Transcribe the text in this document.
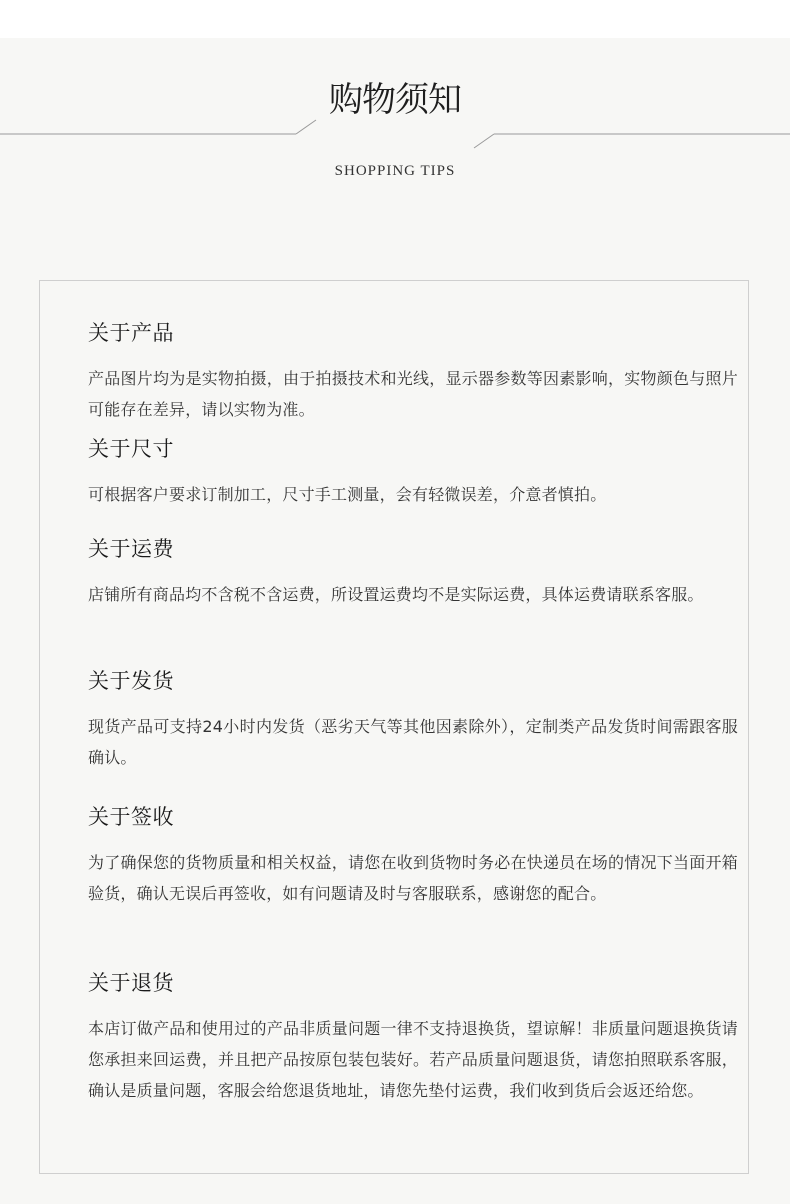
关于产品
产品图片均为是实物拍摄，由于拍摄技术和光线，显示器参数等因素影响，实物颜色与照片可能存在差异，请以实物为准。
关于尺寸
可根据客户要求订制加工，尺寸手工测量，会有轻微误差，介意者慎拍。
关于运费
店铺所有商品均不含税不含运费，所设置运费均不是实际运费，具体运费请联系客服。
关于发货
现货产品可支持24小时内发货（恶劣天气等其他因素除外），定制类产品发货时间需跟客服确认。
关于签收
为了确保您的货物质量和相关权益，请您在收到货物时务必在快递员在场的情况下当面开箱验货，确认无误后再签收，如有问题请及时与客服联系，感谢您的配合。
关于退货
本店订做产品和使用过的产品非质量问题一律不支持退换货，望谅解！非质量问题退换货请您承担来回运费，并且把产品按原包装包装好。若产品质量问题退货，请您拍照联系客服，确认是质量问题，客服会给您退货地址，请您先垫付运费，我们收到货后会返还给您。
购物须知
SHOPPING TIPS
